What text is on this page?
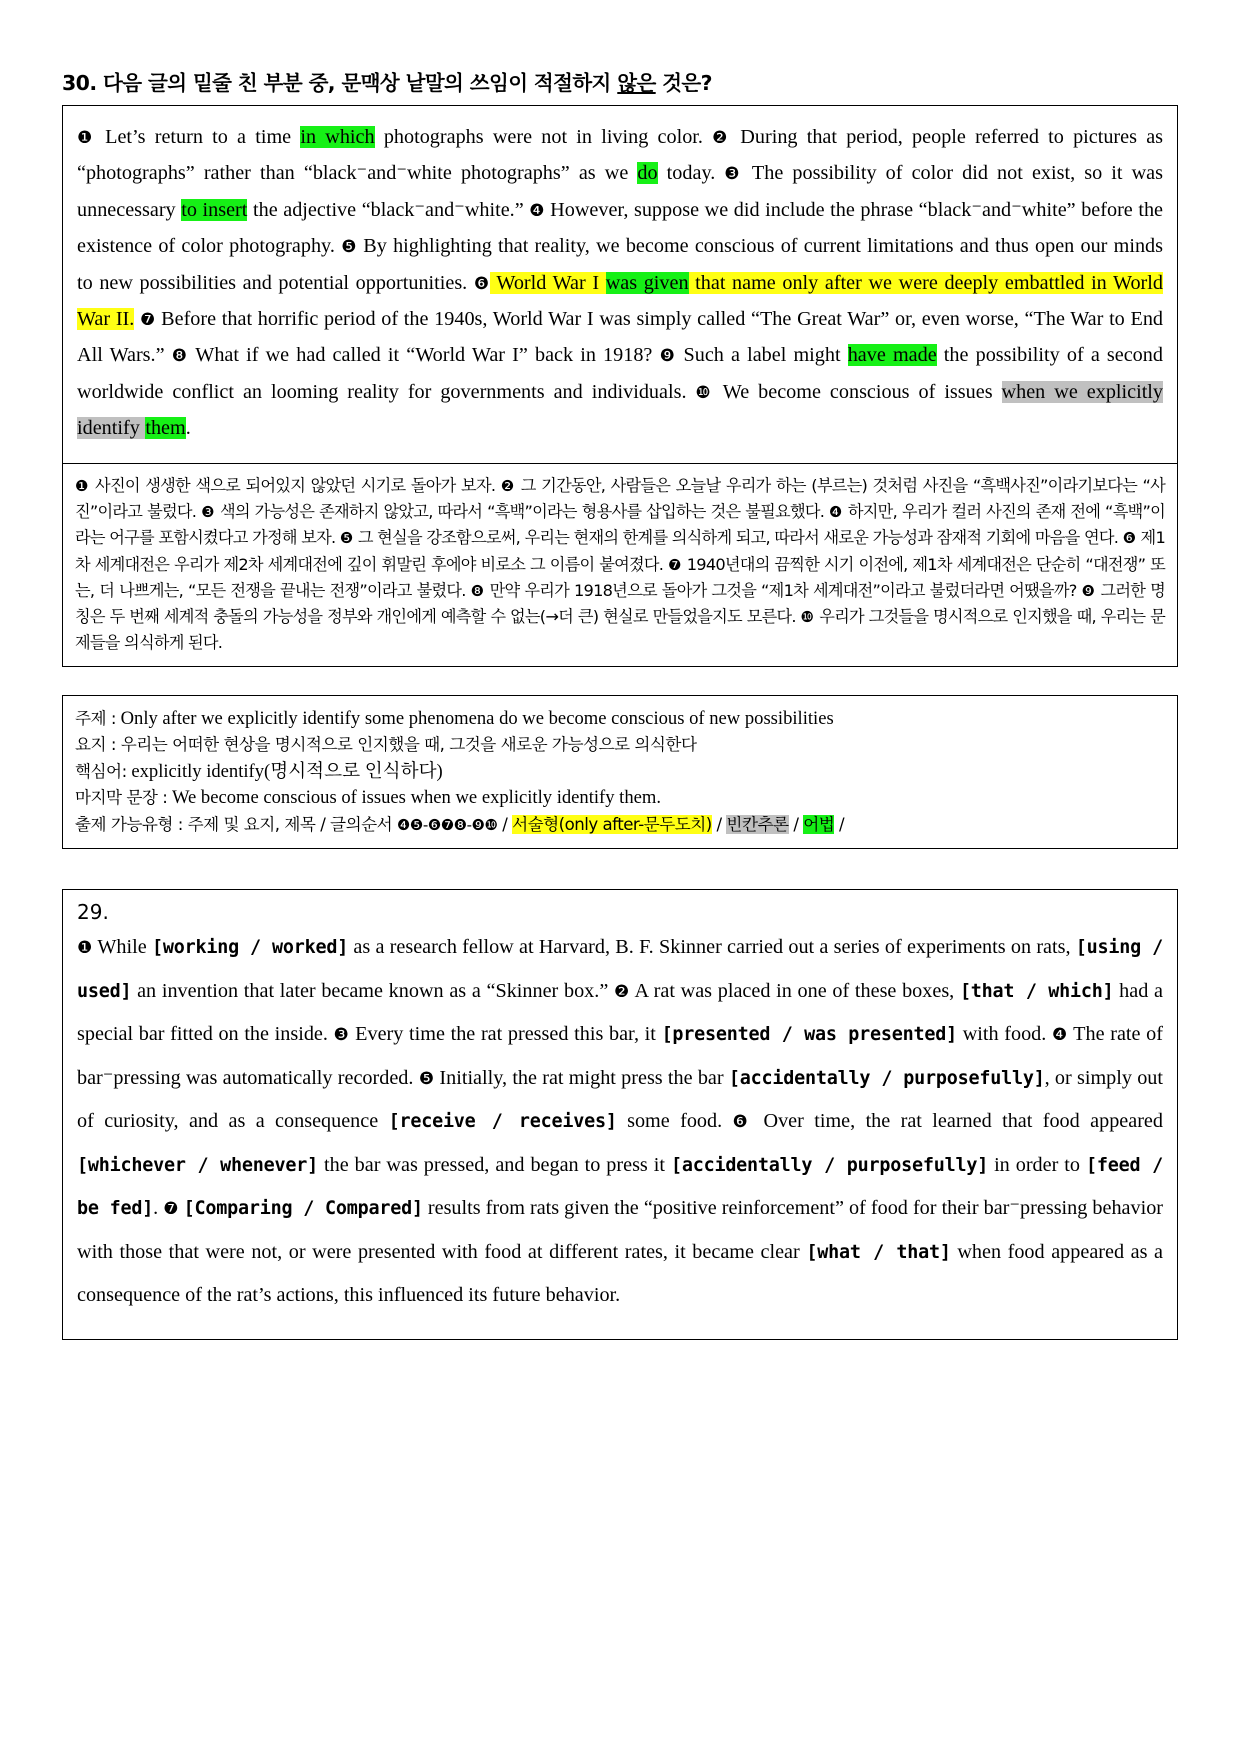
30. 다음 글의 밑줄 친 부분 중, 문맥상 낱말의 쓰임이 적절하지 않은 것은?
❶ Let’s return to a time in which photographs were not in living color. ❷ During that period, people referred to pictures as “photographs” rather than “black⁻and⁻white photographs” as we do today. ❸ The possibility of color did not exist, so it was unnecessary to insert the adjective “black⁻and⁻white.” ❹ However, suppose we did include the phrase “black⁻and⁻white” before the existence of color photography. ❺ By highlighting that reality, we become conscious of current limitations and thus open our minds to new possibilities and potential opportunities. ❻ World War I was given that name only after we were deeply embattled in World War II. ❼ Before that horrific period of the 1940s, World War I was simply called “The Great War” or, even worse, “The War to End All Wars.” ❽ What if we had called it “World War I” back in 1918? ❾ Such a label might have made the possibility of a second worldwide conflict an looming reality for governments and individuals. ❿ We become conscious of issues when we explicitly identify them.
❶ 사진이 생생한 색으로 되어있지 않았던 시기로 돌아가 보자. ❷ 그 기간동안, 사람들은 오늘날 우리가 하는 (부르는) 것처럼 사진을 “흑백사진”이라기보다는 “사진”이라고 불렀다. ❸ 색의 가능성은 존재하지 않았고, 따라서 “흑백”이라는 형용사를 삽입하는 것은 불필요했다. ❹ 하지만, 우리가 컬러 사진의 존재 전에 “흑백”이라는 어구를 포함시켰다고 가정해 보자. ❺ 그 현실을 강조함으로써, 우리는 현재의 한계를 의식하게 되고, 따라서 새로운 가능성과 잠재적 기회에 마음을 연다. ❻ 제1차 세계대전은 우리가 제2차 세계대전에 깊이 휘말린 후에야 비로소 그 이름이 붙여졌다. ❼ 1940년대의 끔찍한 시기 이전에, 제1차 세계대전은 단순히 “대전쟁” 또는, 더 나쁘게는, “모든 전쟁을 끝내는 전쟁”이라고 불렸다. ❽ 만약 우리가 1918년으로 돌아가 그것을 “제1차 세계대전”이라고 불렀더라면 어땠을까? ❾ 그러한 명칭은 두 번째 세계적 충돌의 가능성을 정부와 개인에게 예측할 수 없는(→더 큰) 현실로 만들었을지도 모른다. ❿ 우리가 그것들을 명시적으로 인지했을 때, 우리는 문제들을 의식하게 된다.
주제 : Only after we explicitly identify some phenomena do we become conscious of new possibilities
요지 : 우리는 어떠한 현상을 명시적으로 인지했을 때, 그것을 새로운 가능성으로 의식한다
핵심어: explicitly identify(명시적으로 인식하다)
마지막 문장 : We become conscious of issues when we explicitly identify them.
출제 가능유형 : 주제 및 요지, 제목 / 글의순서 ❹❺-❻❼❽-❾❿ / 서술형(only after-문두도치) / 빈칸추론 / 어법 /
29.
❶ While [working / worked] as a research fellow at Harvard, B. F. Skinner carried out a series of experiments on rats, [using / used] an invention that later became known as a “Skinner box.” ❷ A rat was placed in one of these boxes, [that / which] had a special bar fitted on the inside. ❸ Every time the rat pressed this bar, it [presented / was presented] with food. ❹ The rate of bar⁻pressing was automatically recorded. ❺ Initially, the rat might press the bar [accidentally / purposefully], or simply out of curiosity, and as a consequence [receive / receives] some food. ❻ Over time, the rat learned that food appeared [whichever / whenever] the bar was pressed, and began to press it [accidentally / purposefully] in order to [feed / be fed]. ❼ [Comparing / Compared] results from rats given the “positive reinforcement” of food for their bar⁻pressing behavior with those that were not, or were presented with food at different rates, it became clear [what / that] when food appeared as a consequence of the rat’s actions, this influenced its future behavior.
